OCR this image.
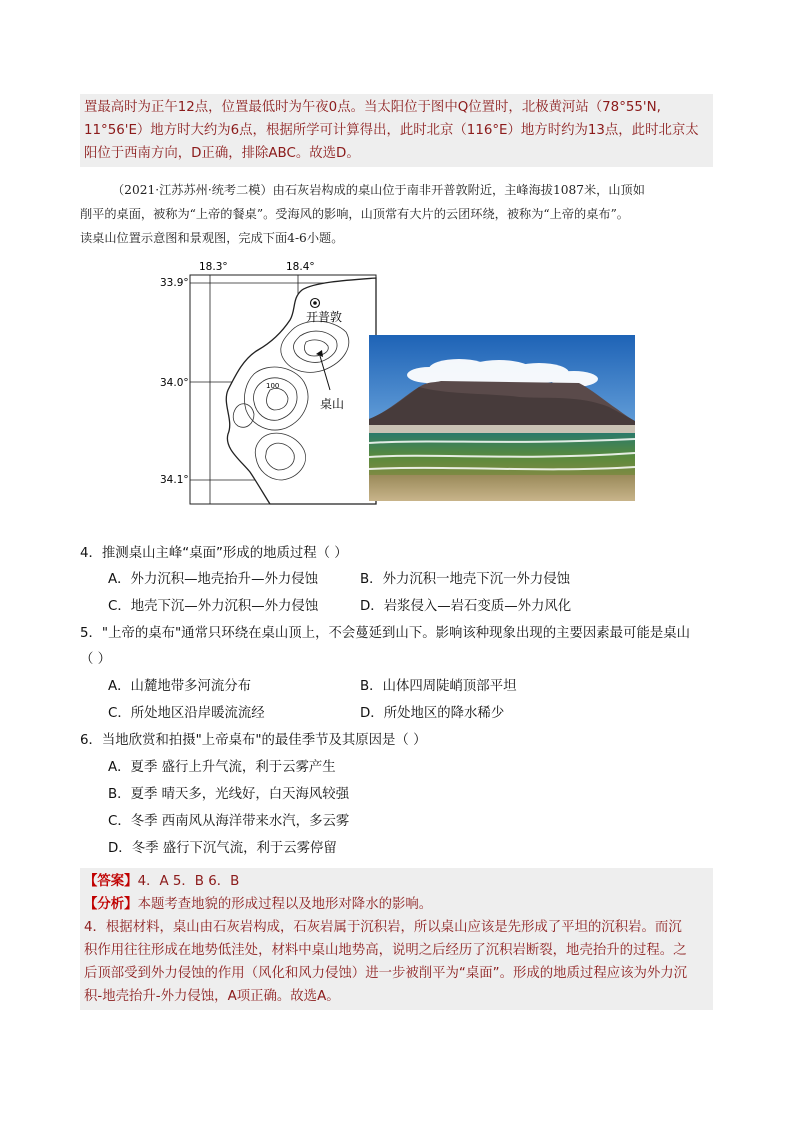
置最高时为正午12点，位置最低时为午夜0点。当太阳位于图中Q位置时，北极黄河站（78°55'N,
11°56'E）地方时大约为6点，根据所学可计算得出，此时北京（116°E）地方时约为13点，此时北京太
阳位于西南方向，D正确，排除ABC。故选D。
（2021·江苏苏州·统考二模）由石灰岩构成的桌山位于南非开普敦附近，主峰海拔1087米，山顶如
削平的桌面，被称为“上帝的餐桌”。受海风的影响，山顶常有大片的云团环绕，被称为“上帝的桌布”。
读桌山位置示意图和景观图，完成下面4-6小题。
18.3°	18.4°
33.9°
34.0°
34.1°
100
开普敦
桌山
4．推测桌山主峰“桌面”形成的地质过程（ ）
A．外力沉积—地壳抬升—外力侵蚀	B．外力沉积一地壳下沉一外力侵蚀
C．地壳下沉—外力沉积—外力侵蚀	D．岩浆侵入—岩石变质—外力风化
5．"上帝的桌布"通常只环绕在桌山顶上，不会蔓延到山下。影响该种现象出现的主要因素最可能是桌山
（ ）
A．山麓地带多河流分布	B．山体四周陡峭顶部平坦
C．所处地区沿岸暖流流经	D．所处地区的降水稀少
6．当地欣赏和拍摄"上帝桌布"的最佳季节及其原因是（ ）
A．夏季 盛行上升气流，利于云雾产生
B．夏季 晴天多，光线好，白天海风较强
C．冬季 西南风从海洋带来水汽，多云雾
D．冬季 盛行下沉气流，利于云雾停留
【答案】4．A 5．B 6．B
【分析】本题考查地貌的形成过程以及地形对降水的影响。
4．根据材料，桌山由石灰岩构成，石灰岩属于沉积岩，所以桌山应该是先形成了平坦的沉积岩。而沉
积作用往往形成在地势低洼处，材料中桌山地势高，说明之后经历了沉积岩断裂，地壳抬升的过程。之
后顶部受到外力侵蚀的作用（风化和风力侵蚀）进一步被削平为“桌面”。形成的地质过程应该为外力沉
积-地壳抬升-外力侵蚀，A项正确。故选A。
